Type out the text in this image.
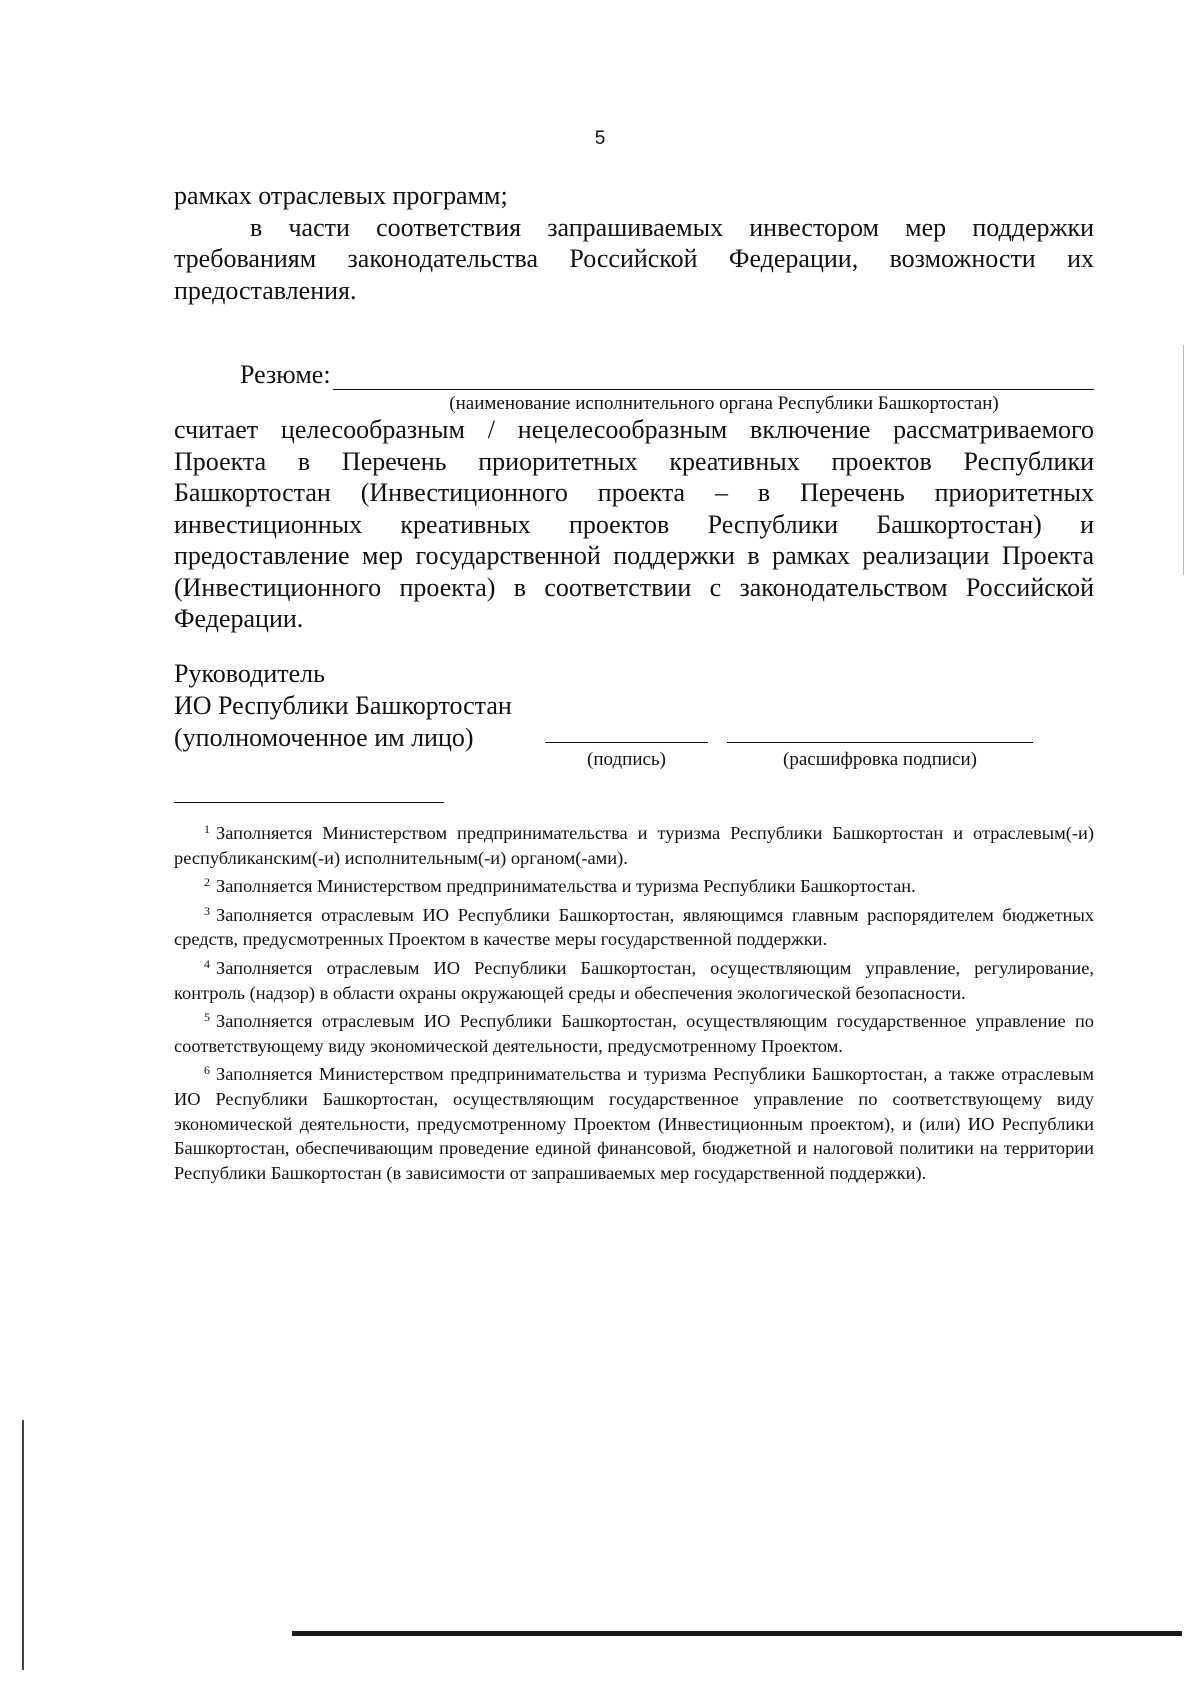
5

рамках отраслевых программ;

в части соответствия запрашиваемых инвестором мер поддержки требованиям законодательства Российской Федерации, возможности их предоставления.

Резюме:
(наименование исполнительного органа Республики Башкортостан)

считает целесообразным / нецелесообразным включение рассматриваемого Проекта в Перечень приоритетных креативных проектов Республики Башкортостан (Инвестиционного проекта – в Перечень приоритетных инвестиционных креативных проектов Республики Башкортостан) и предоставление мер государственной поддержки в рамках реализации Проекта (Инвестиционного проекта) в соответствии с законодательством Российской Федерации.

Руководитель
ИО Республики Башкортостан
(уполномоченное им лицо)
(подпись)	(расшифровка подписи)

$^1$ Заполняется Министерством предпринимательства и туризма Республики Башкортостан и отраслевым(-и) республиканским(-и) исполнительным(-и) органом(-ами).

$^2$ Заполняется Министерством предпринимательства и туризма Республики Башкортостан.

$^3$ Заполняется отраслевым ИО Республики Башкортостан, являющимся главным распорядителем бюджетных средств, предусмотренных Проектом в качестве меры государственной поддержки.

$^4$ Заполняется отраслевым ИО Республики Башкортостан, осуществляющим управление, регулирование, контроль (надзор) в области охраны окружающей среды и обеспечения экологической безопасности.

$^5$ Заполняется отраслевым ИО Республики Башкортостан, осуществляющим государственное управление по соответствующему виду экономической деятельности, предусмотренному Проектом.

$^6$ Заполняется Министерством предпринимательства и туризма Республики Башкортостан, а также отраслевым ИО Республики Башкортостан, осуществляющим государственное управление по соответствующему виду экономической деятельности, предусмотренному Проектом (Инвестиционным проектом), и (или) ИО Республики Башкортостан, обеспечивающим проведение единой финансовой, бюджетной и налоговой политики на территории Республики Башкортостан (в зависимости от запрашиваемых мер государственной поддержки).
